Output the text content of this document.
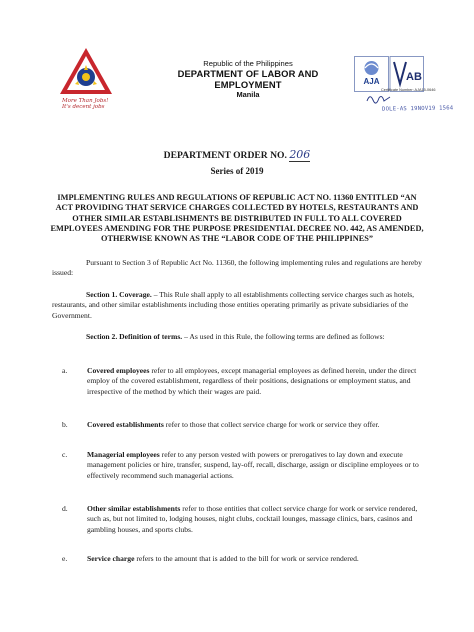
More Than Jobs!
It's decent jobs
Republic of the Philippines
DEPARTMENT OF LABOR AND EMPLOYMENT
Manila
AJA AB
Certificate Number: AJA15-0646
DOLE-AS 19NOV19 1564
DEPARTMENT ORDER NO. 206
Series of 2019
IMPLEMENTING RULES AND REGULATIONS OF REPUBLIC ACT NO. 11360 ENTITLED “AN ACT PROVIDING THAT SERVICE CHARGES COLLECTED BY HOTELS, RESTAURANTS AND OTHER SIMILAR ESTABLISHMENTS BE DISTRIBUTED IN FULL TO ALL COVERED EMPLOYEES AMENDING FOR THE PURPOSE PRESIDENTIAL DECREE NO. 442, AS AMENDED, OTHERWISE KNOWN AS THE “LABOR CODE OF THE PHILIPPINES”
Pursuant to Section 3 of Republic Act No. 11360, the following implementing rules and regulations are hereby issued:
Section 1. Coverage. – This Rule shall apply to all establishments collecting service charges such as hotels, restaurants, and other similar establishments including those entities operating primarily as private subsidiaries of the Government.
Section 2. Definition of terms. – As used in this Rule, the following terms are defined as follows:
a.	Covered employees refer to all employees, except managerial employees as defined herein, under the direct employ of the covered establishment, regardless of their positions, designations or employment status, and irrespective of the method by which their wages are paid.
b.	Covered establishments refer to those that collect service charge for work or service they offer.
c.	Managerial employees refer to any person vested with powers or prerogatives to lay down and execute management policies or hire, transfer, suspend, lay-off, recall, discharge, assign or discipline employees or to effectively recommend such managerial actions.
d.	Other similar establishments refer to those entities that collect service charge for work or service rendered, such as, but not limited to, lodging houses, night clubs, cocktail lounges, massage clinics, bars, casinos and gambling houses, and sports clubs.
e.	Service charge refers to the amount that is added to the bill for work or service rendered.
